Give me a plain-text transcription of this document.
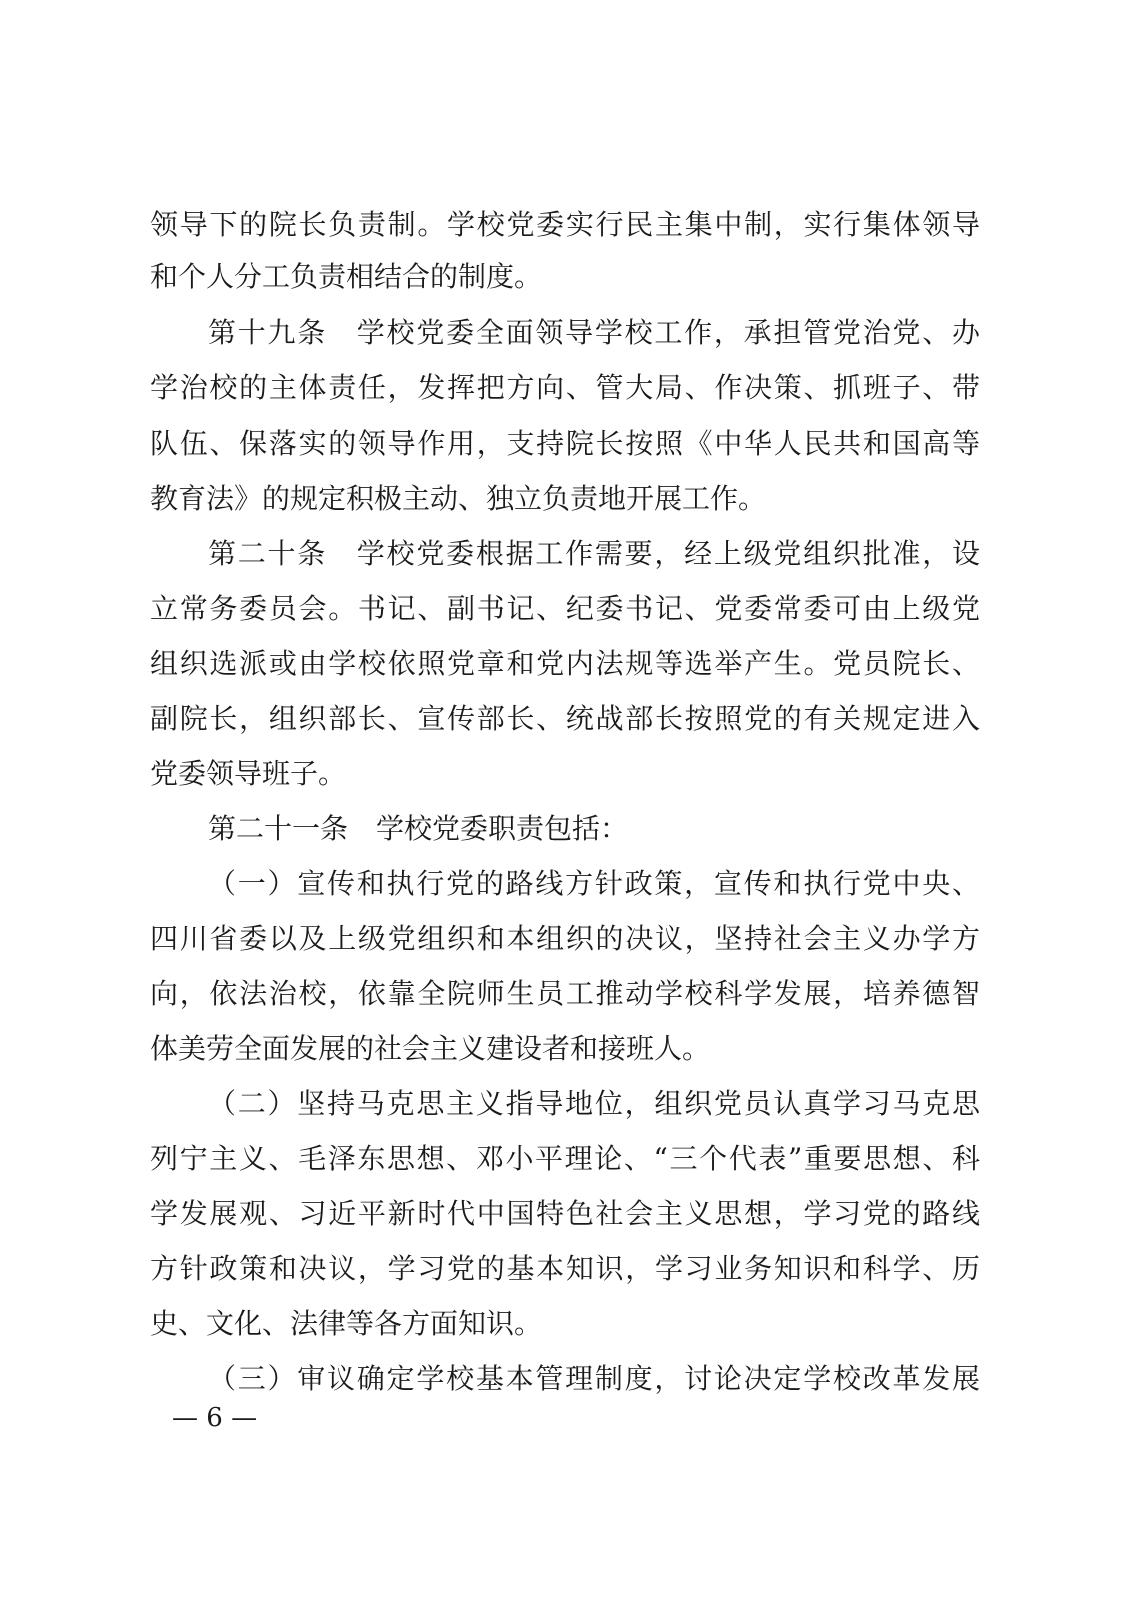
领导下的院长负责制。学校党委实行民主集中制，实行集体领导
和个人分工负责相结合的制度。
第十九条　学校党委全面领导学校工作，承担管党治党、办
学治校的主体责任，发挥把方向、管大局、作决策、抓班子、带
队伍、保落实的领导作用，支持院长按照《中华人民共和国高等
教育法》的规定积极主动、独立负责地开展工作。
第二十条　学校党委根据工作需要，经上级党组织批准，设
立常务委员会。书记、副书记、纪委书记、党委常委可由上级党
组织选派或由学校依照党章和党内法规等选举产生。党员院长、
副院长，组织部长、宣传部长、统战部长按照党的有关规定进入
党委领导班子。
第二十一条　学校党委职责包括：
（一）宣传和执行党的路线方针政策，宣传和执行党中央、
四川省委以及上级党组织和本组织的决议，坚持社会主义办学方
向，依法治校，依靠全院师生员工推动学校科学发展，培养德智
体美劳全面发展的社会主义建设者和接班人。
（二）坚持马克思主义指导地位，组织党员认真学习马克思
列宁主义、毛泽东思想、邓小平理论、“三个代表”重要思想、科
学发展观、习近平新时代中国特色社会主义思想，学习党的路线
方针政策和决议，学习党的基本知识，学习业务知识和科学、历
史、文化、法律等各方面知识。
（三）审议确定学校基本管理制度，讨论决定学校改革发展
— 6 —
